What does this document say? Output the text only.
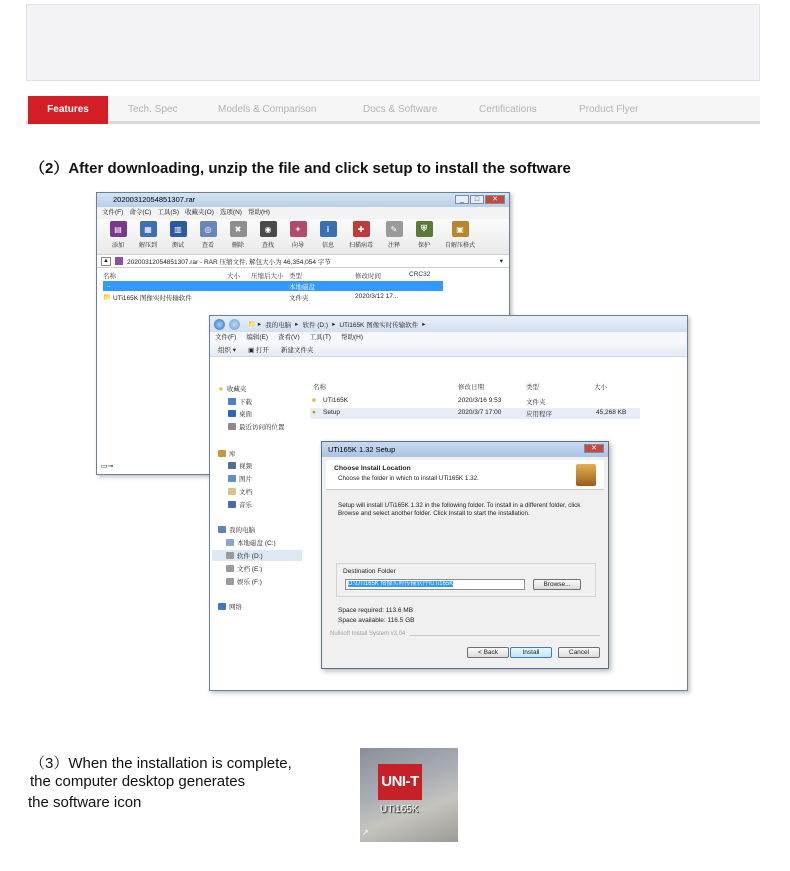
Features	Tech. Spec	Models & Comparison	Docs & Software	Certifications	Product Flyer
（2）After downloading, unzip the file and click setup to install the software
20200312054851307.rar	_	□	✕
文件(F) 命令(C) 工具(S) 收藏夹(O) 选项(N) 帮助(H)
▤
添加
▦
解压到
▥
测试
◎
查看
✖
删除
◉
查找
✦
向导
i
信息
✚
扫描病毒
✎
注释
⛨
保护
▣
自解压格式
▲	20200312054851307.rar - RAR 压缩文件, 解包大小为 46,354,054 字节	▾
名称	大小 压缩后大小 类型	修改时间	CRC32
..	本地磁盘
📁 UTi165K 图像实时传输软件	文件夹	2020/3/12 17...
▭⊸
📁 ▸ 我的电脑 ▸ 软件 (D:) ▸ UTi165K 图像实时传输软件 ▸
文件(F) 编辑(E) 查看(V) 工具(T) 帮助(H)
组织 ▾ ▣ 打开 新建文件夹
★ 收藏夹
下载
桌面
最近访问的位置
库
视频
图片
文档
音乐
我的电脑
本地磁盘 (C:)
软件 (D:)
文档 (E:)
娱乐 (F:)
网络
名称	修改日期	类型	大小
■ UTi165K	2020/3/16 9:53	文件夹
● Setup	2020/3/7 17:00	应用程序	45,268 KB
UTi165K 1.32 Setup	✕
Choose Install Location
Choose the folder in which to install UTi165K 1.32.
Setup will install UTi165K 1.32 in the following folder. To install in a different folder, click Browse and select another folder. Click Install to start the installation.
Destination Folder
D:\UTi165K 图像实时传输软件\UTi165K	Browse...
Space required: 113.6 MB
Space available: 116.5 GB
Nullsoft Install System v3.04
< Back	Install	Cancel
（3）When the installation is complete,
the computer desktop generates
the software icon
UNI-T
UTi165K
↗
